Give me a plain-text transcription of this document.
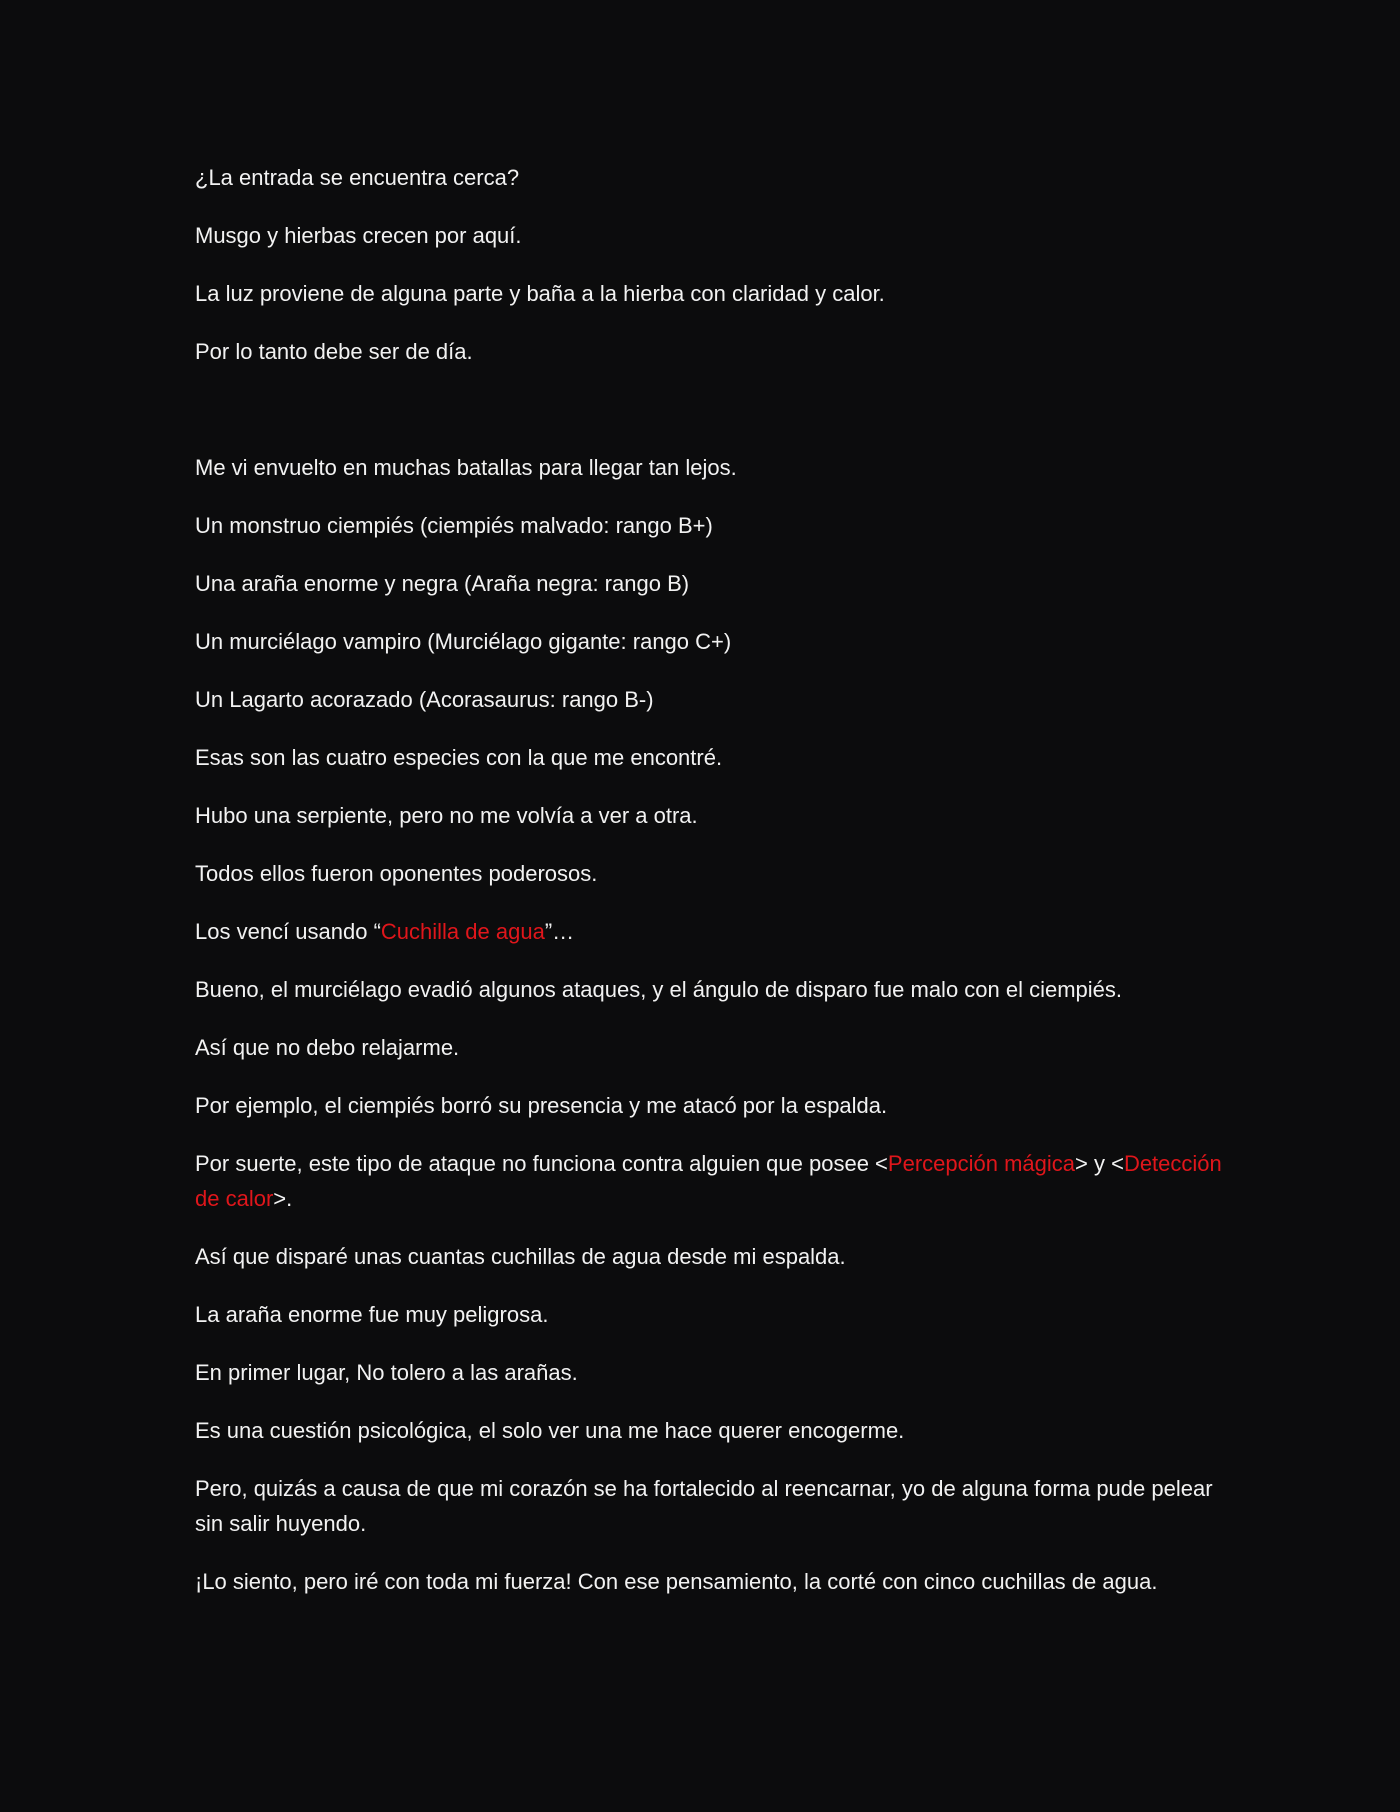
¿La entrada se encuentra cerca?

Musgo y hierbas crecen por aquí.

La luz proviene de alguna parte y baña a la hierba con claridad y calor.

Por lo tanto debe ser de día.

Me vi envuelto en muchas batallas para llegar tan lejos.

Un monstruo ciempiés (ciempiés malvado: rango B+)

Una araña enorme y negra (Araña negra: rango B)

Un murciélago vampiro (Murciélago gigante: rango C+)

Un Lagarto acorazado (Acorasaurus: rango B-)

Esas son las cuatro especies con la que me encontré.

Hubo una serpiente, pero no me volvía a ver a otra.

Todos ellos fueron oponentes poderosos.

Los vencí usando “Cuchilla de agua”…

Bueno, el murciélago evadió algunos ataques, y el ángulo de disparo fue malo con el ciempiés.

Así que no debo relajarme.

Por ejemplo, el ciempiés borró su presencia y me atacó por la espalda.

Por suerte, este tipo de ataque no funciona contra alguien que posee <Percepción mágica> y <Detección de calor>.

Así que disparé unas cuantas cuchillas de agua desde mi espalda.

La araña enorme fue muy peligrosa.

En primer lugar, No tolero a las arañas.

Es una cuestión psicológica, el solo ver una me hace querer encogerme.

Pero, quizás a causa de que mi corazón se ha fortalecido al reencarnar, yo de alguna forma pude pelear sin salir huyendo.

¡Lo siento, pero iré con toda mi fuerza! Con ese pensamiento, la corté con cinco cuchillas de agua.
